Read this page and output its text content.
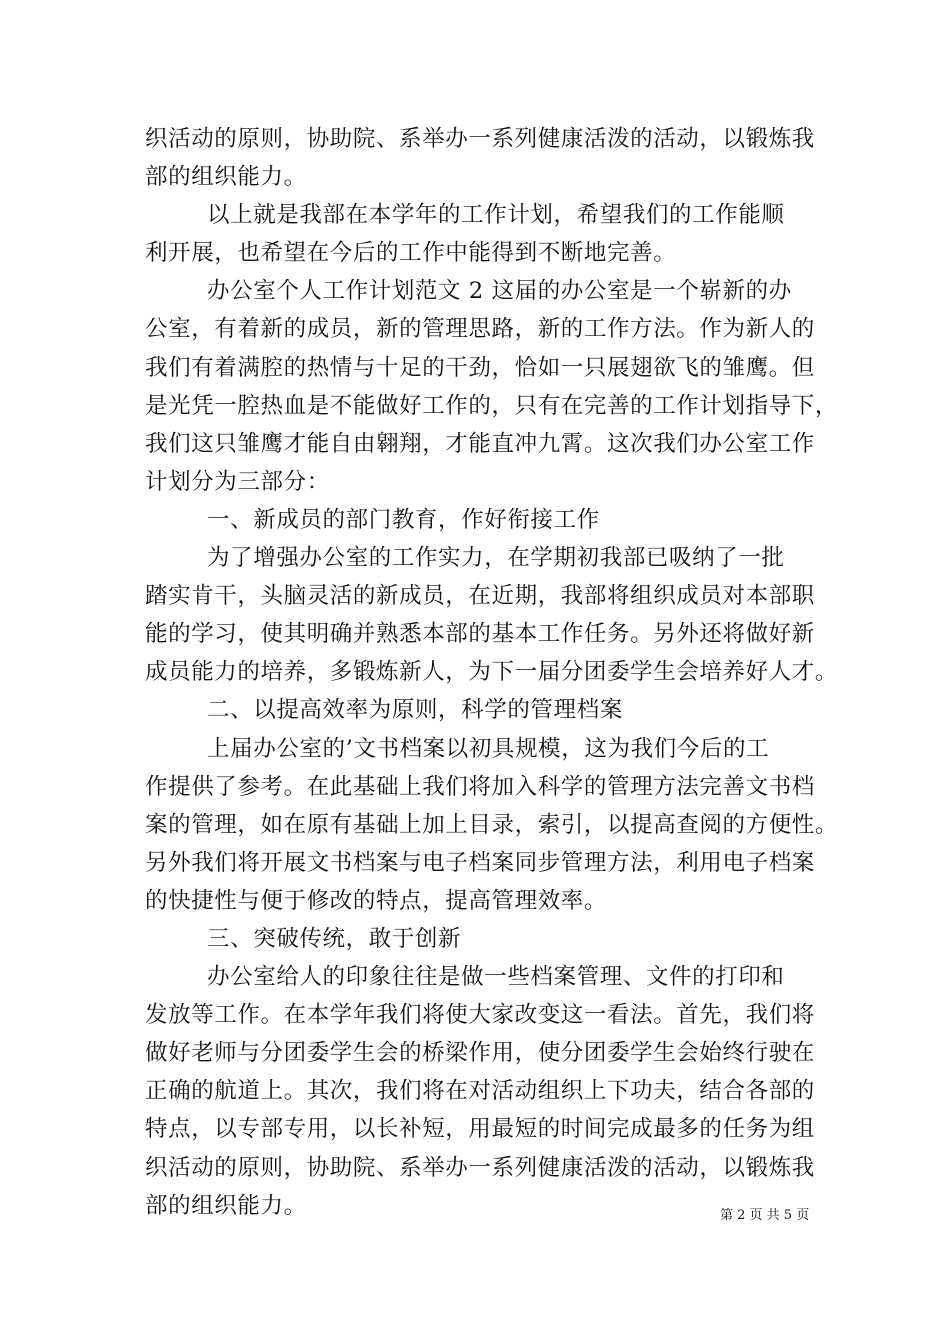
织活动的原则，协助院、系举办一系列健康活泼的活动，以锻炼我
部的组织能力。
以上就是我部在本学年的工作计划，希望我们的工作能顺
利开展，也希望在今后的工作中能得到不断地完善。
办公室个人工作计划范文 2 这届的办公室是一个崭新的办
公室，有着新的成员，新的管理思路，新的工作方法。作为新人的
我们有着满腔的热情与十足的干劲，恰如一只展翅欲飞的雏鹰。但
是光凭一腔热血是不能做好工作的，只有在完善的工作计划指导下，
我们这只雏鹰才能自由翱翔，才能直冲九霄。这次我们办公室工作
计划分为三部分：
一、新成员的部门教育，作好衔接工作
为了增强办公室的工作实力，在学期初我部已吸纳了一批
踏实肯干，头脑灵活的新成员，在近期，我部将组织成员对本部职
能的学习，使其明确并熟悉本部的基本工作任务。另外还将做好新
成员能力的培养，多锻炼新人，为下一届分团委学生会培养好人才。
二、以提高效率为原则，科学的管理档案
上届办公室的’文书档案以初具规模，这为我们今后的工
作提供了参考。在此基础上我们将加入科学的管理方法完善文书档
案的管理，如在原有基础上加上目录，索引，以提高查阅的方便性。
另外我们将开展文书档案与电子档案同步管理方法，利用电子档案
的快捷性与便于修改的特点，提高管理效率。
三、突破传统，敢于创新
办公室给人的印象往往是做一些档案管理、文件的打印和
发放等工作。在本学年我们将使大家改变这一看法。首先，我们将
做好老师与分团委学生会的桥梁作用，使分团委学生会始终行驶在
正确的航道上。其次，我们将在对活动组织上下功夫，结合各部的
特点，以专部专用，以长补短，用最短的时间完成最多的任务为组
织活动的原则，协助院、系举办一系列健康活泼的活动，以锻炼我
部的组织能力。	第 2 页 共 5 页
